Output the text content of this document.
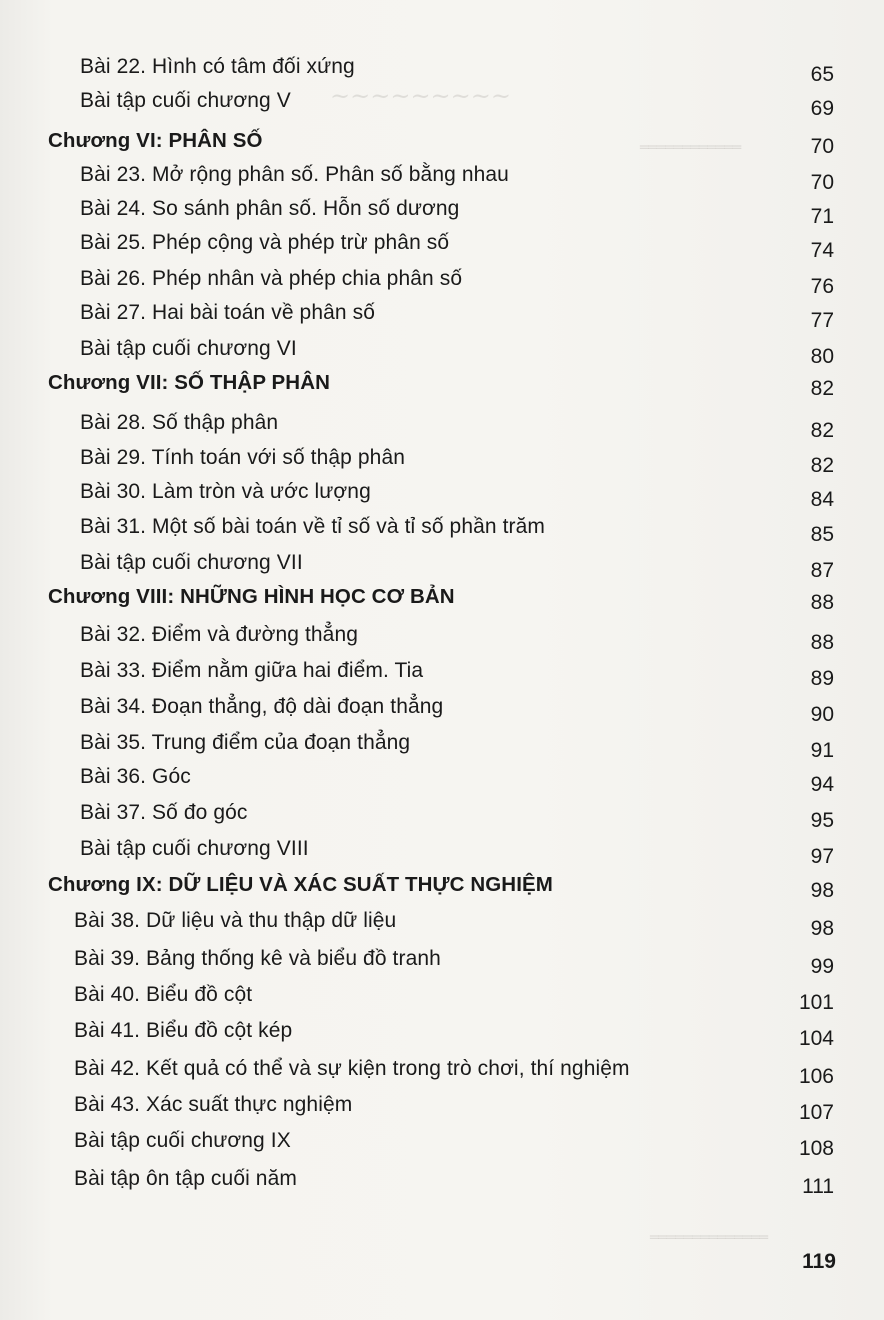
~~~~~~~~~
════════════
══════════════
Bài 22. Hình có tâm đối xứng	65
Bài tập cuối chương V	69
Chương VI: PHÂN SỐ	70
Bài 23. Mở rộng phân số. Phân số bằng nhau	70
Bài 24. So sánh phân số. Hỗn số dương	71
Bài 25. Phép cộng và phép trừ phân số	74
Bài 26. Phép nhân và phép chia phân số	76
Bài 27. Hai bài toán về phân số	77
Bài tập cuối chương VI	80
Chương VII: SỐ THẬP PHÂN	82
Bài 28. Số thập phân	82
Bài 29. Tính toán với số thập phân	82
Bài 30. Làm tròn và ước lượng	84
Bài 31. Một số bài toán về tỉ số và tỉ số phần trăm	85
Bài tập cuối chương VII	87
Chương VIII: NHỮNG HÌNH HỌC CƠ BẢN	88
Bài 32. Điểm và đường thẳng	88
Bài 33. Điểm nằm giữa hai điểm. Tia	89
Bài 34. Đoạn thẳng, độ dài đoạn thẳng	90
Bài 35. Trung điểm của đoạn thẳng	91
Bài 36. Góc	94
Bài 37. Số đo góc	95
Bài tập cuối chương VIII	97
Chương IX: DỮ LIỆU VÀ XÁC SUẤT THỰC NGHIỆM	98
Bài 38. Dữ liệu và thu thập dữ liệu	98
Bài 39. Bảng thống kê và biểu đồ tranh	99
Bài 40. Biểu đồ cột	101
Bài 41. Biểu đồ cột kép	104
Bài 42. Kết quả có thể và sự kiện trong trò chơi, thí nghiệm	106
Bài 43. Xác suất thực nghiệm	107
Bài tập cuối chương IX	108
Bài tập ôn tập cuối năm	111
119
